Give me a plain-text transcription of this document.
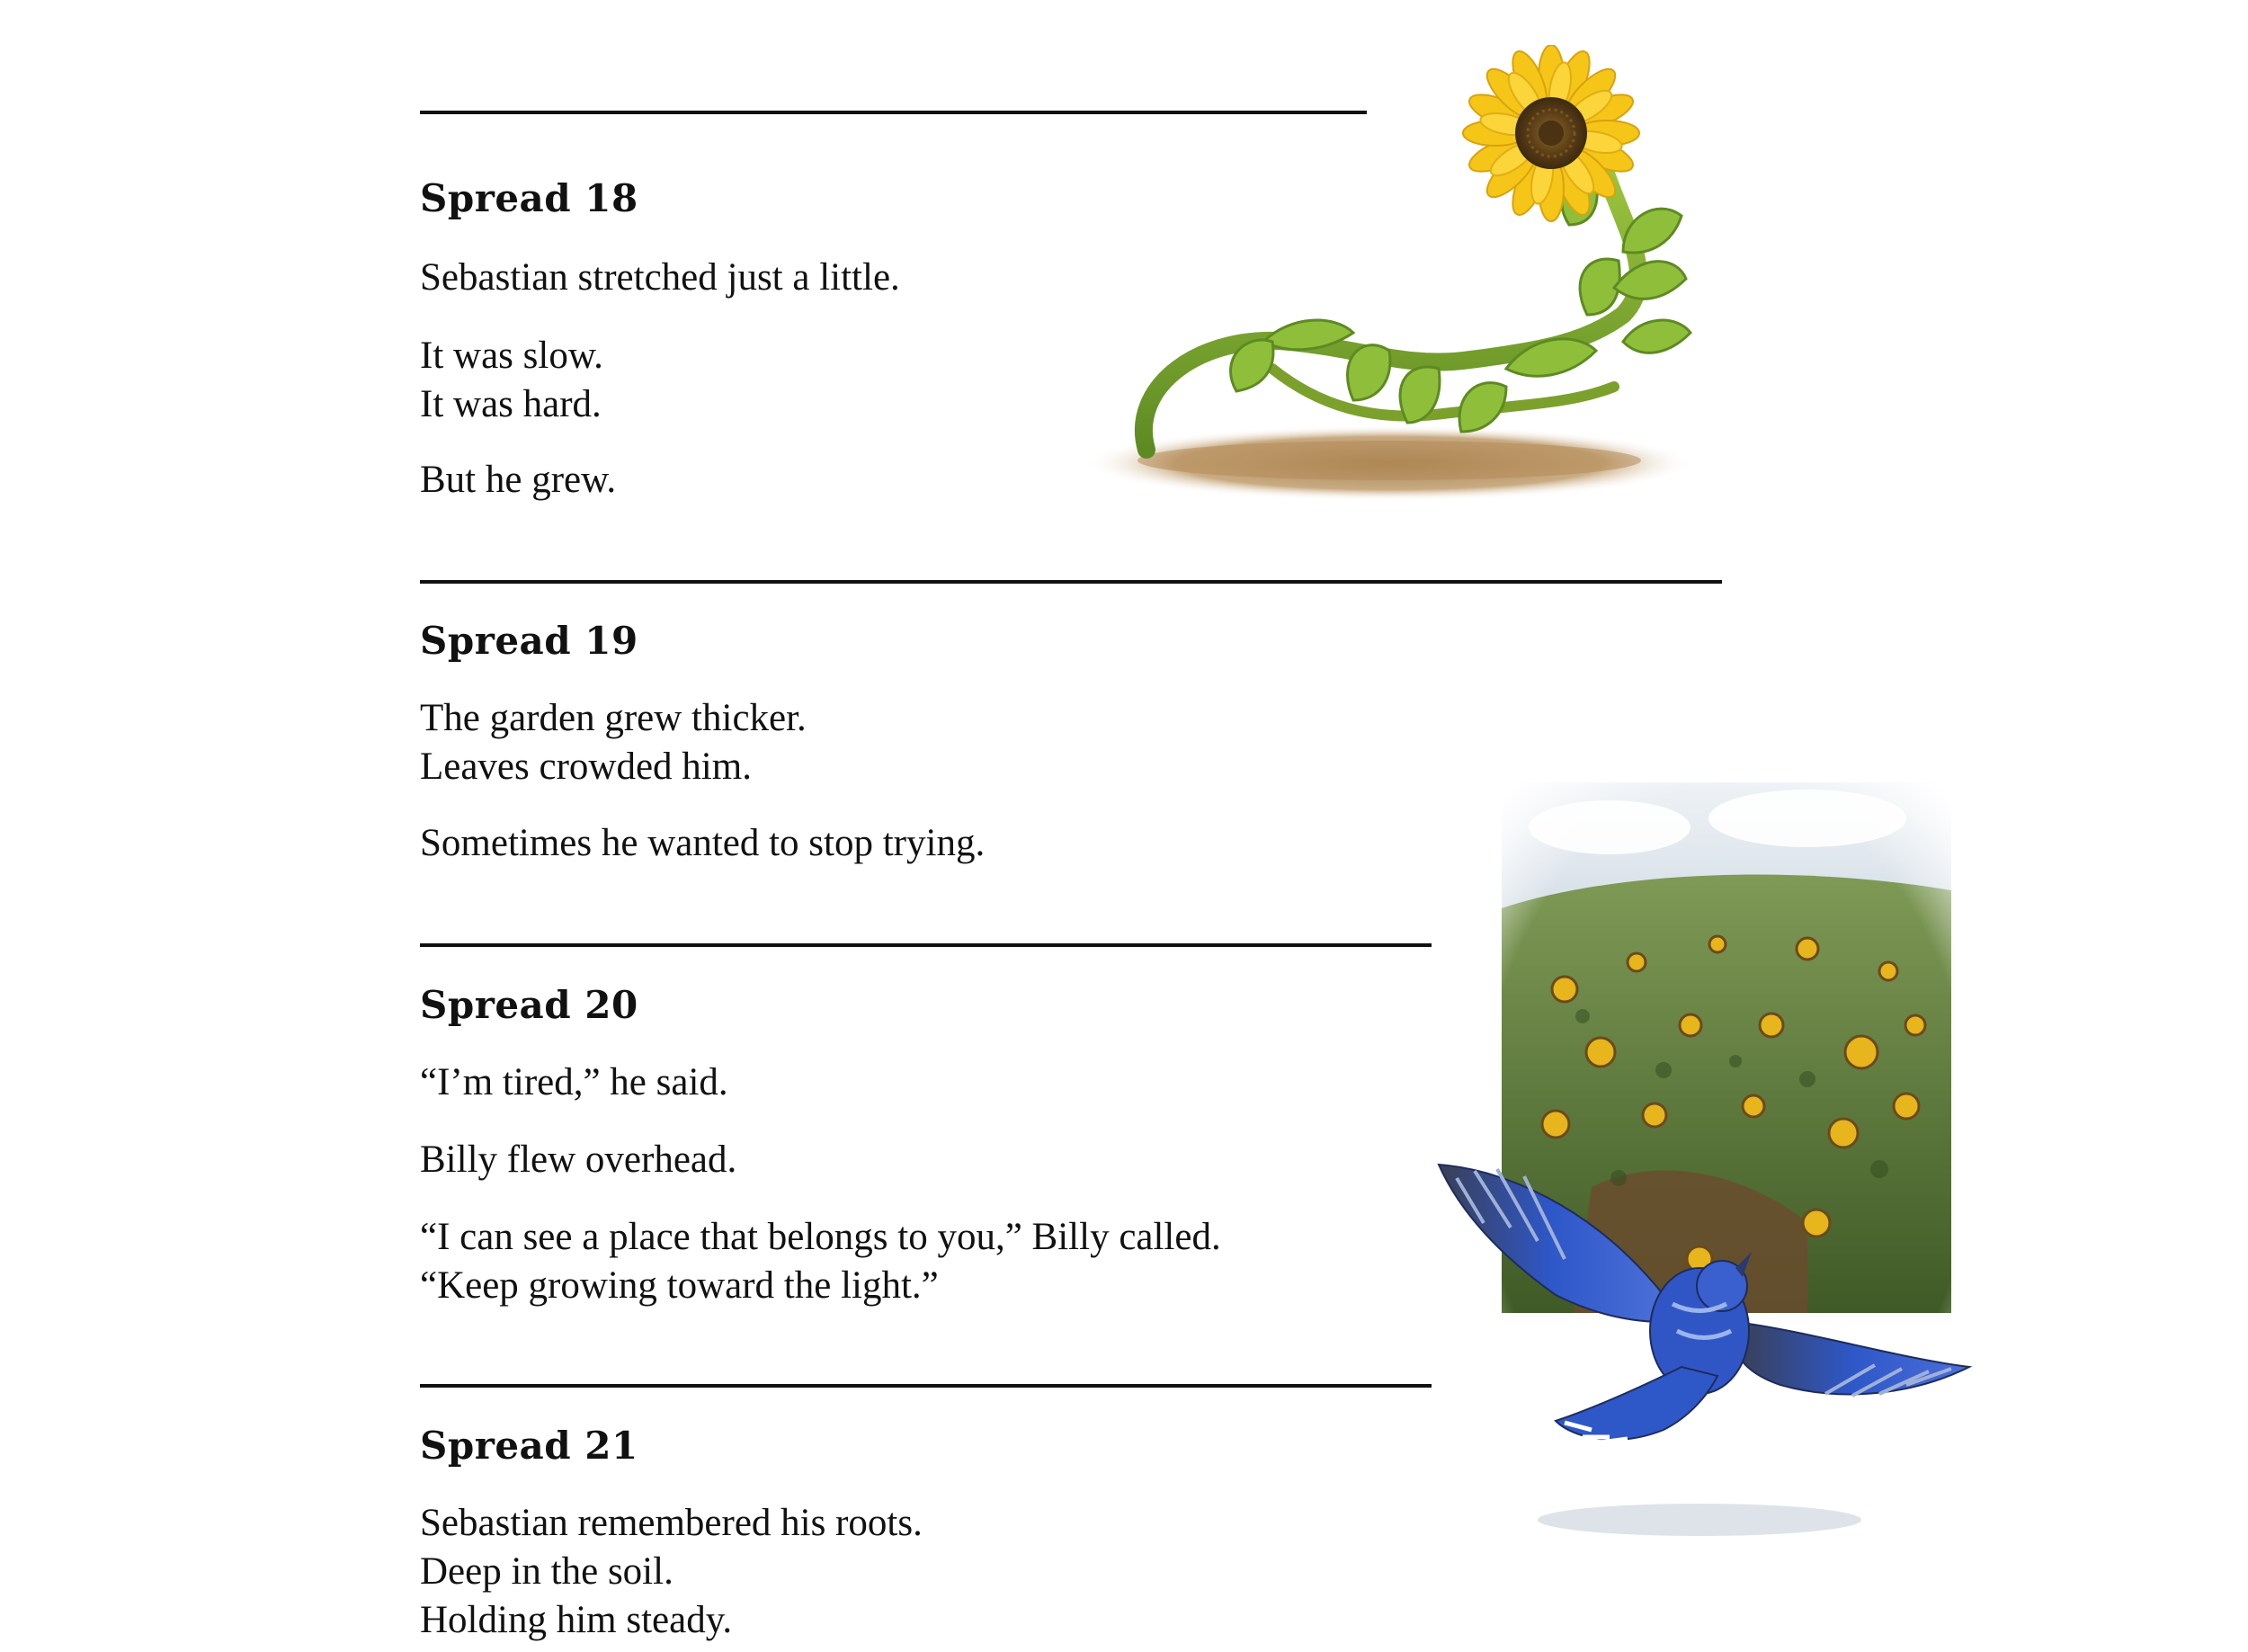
Spread 18

Sebastian stretched just a little.

It was slow.
It was hard.

But he grew.

Spread 19

The garden grew thicker.
Leaves crowded him.

Sometimes he wanted to stop trying.

Spread 20

“I’m tired,” he said.

Billy flew overhead.

“I can see a place that belongs to you,” Billy called.
“Keep growing toward the light.”

Spread 21

Sebastian remembered his roots.
Deep in the soil.
Holding him steady.
